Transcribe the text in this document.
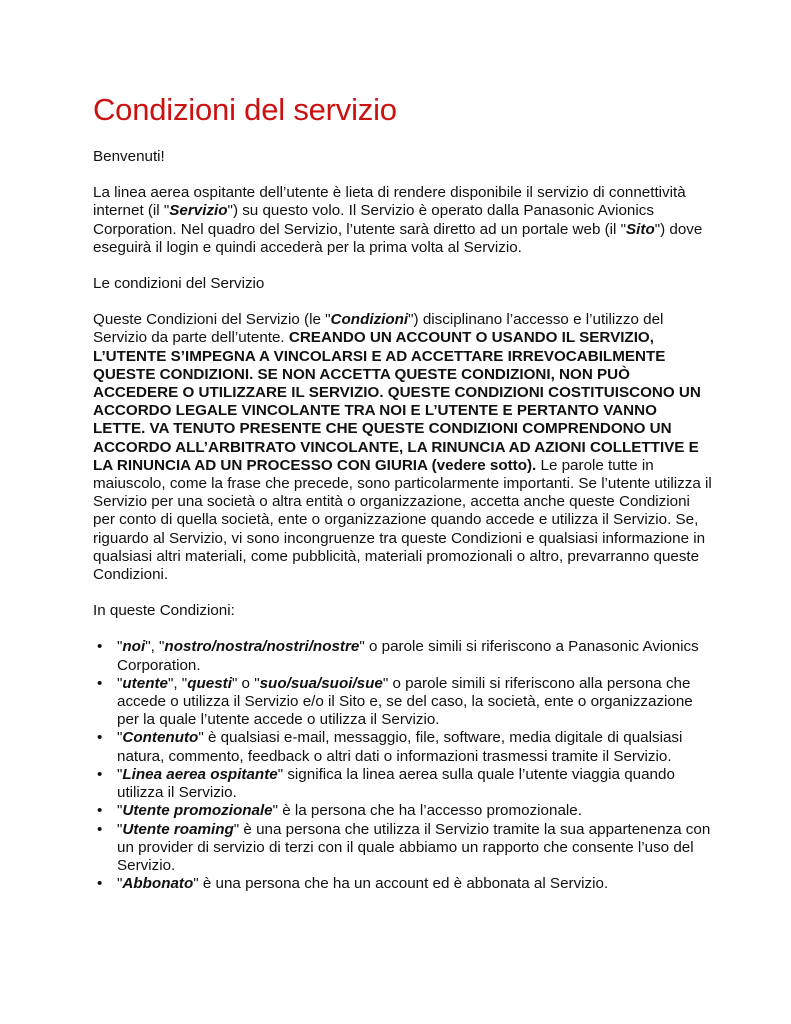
Condizioni del servizio

Benvenuti!

La linea aerea ospitante dell’utente è lieta di rendere disponibile il servizio di connettività internet (il "Servizio") su questo volo. Il Servizio è operato dalla Panasonic Avionics Corporation. Nel quadro del Servizio, l’utente sarà diretto ad un portale web (il "Sito") dove eseguirà il login e quindi accederà per la prima volta al Servizio.

Le condizioni del Servizio

Queste Condizioni del Servizio (le "Condizioni") disciplinano l’accesso e l’utilizzo del Servizio da parte dell’utente. CREANDO UN ACCOUNT O USANDO IL SERVIZIO, L’UTENTE S’IMPEGNA A VINCOLARSI E AD ACCETTARE IRREVOCABILMENTE QUESTE CONDIZIONI. SE NON ACCETTA QUESTE CONDIZIONI, NON PUÒ ACCEDERE O UTILIZZARE IL SERVIZIO. QUESTE CONDIZIONI COSTITUISCONO UN ACCORDO LEGALE VINCOLANTE TRA NOI E L’UTENTE E PERTANTO VANNO LETTE. VA TENUTO PRESENTE CHE QUESTE CONDIZIONI COMPRENDONO UN ACCORDO ALL’ARBITRATO VINCOLANTE, LA RINUNCIA AD AZIONI COLLETTIVE E LA RINUNCIA AD UN PROCESSO CON GIURIA (vedere sotto). Le parole tutte in maiuscolo, come la frase che precede, sono particolarmente importanti. Se l’utente utilizza il Servizio per una società o altra entità o organizzazione, accetta anche queste Condizioni per conto di quella società, ente o organizzazione quando accede e utilizza il Servizio. Se, riguardo al Servizio, vi sono incongruenze tra queste Condizioni e qualsiasi informazione in qualsiasi altri materiali, come pubblicità, materiali promozionali o altro, prevarranno queste Condizioni.

In queste Condizioni:

• "noi", "nostro/nostra/nostri/nostre" o parole simili si riferiscono a Panasonic Avionics Corporation.
• "utente", "questi" o "suo/sua/suoi/sue" o parole simili si riferiscono alla persona che accede o utilizza il Servizio e/o il Sito e, se del caso, la società, ente o organizzazione per la quale l’utente accede o utilizza il Servizio.
• "Contenuto" è qualsiasi e-mail, messaggio, file, software, media digitale di qualsiasi natura, commento, feedback o altri dati o informazioni trasmessi tramite il Servizio.
• "Linea aerea ospitante" significa la linea aerea sulla quale l’utente viaggia quando utilizza il Servizio.
• "Utente promozionale" è la persona che ha l’accesso promozionale.
• "Utente roaming" è una persona che utilizza il Servizio tramite la sua appartenenza con un provider di servizio di terzi con il quale abbiamo un rapporto che consente l’uso del Servizio.
• "Abbonato" è una persona che ha un account ed è abbonata al Servizio.
